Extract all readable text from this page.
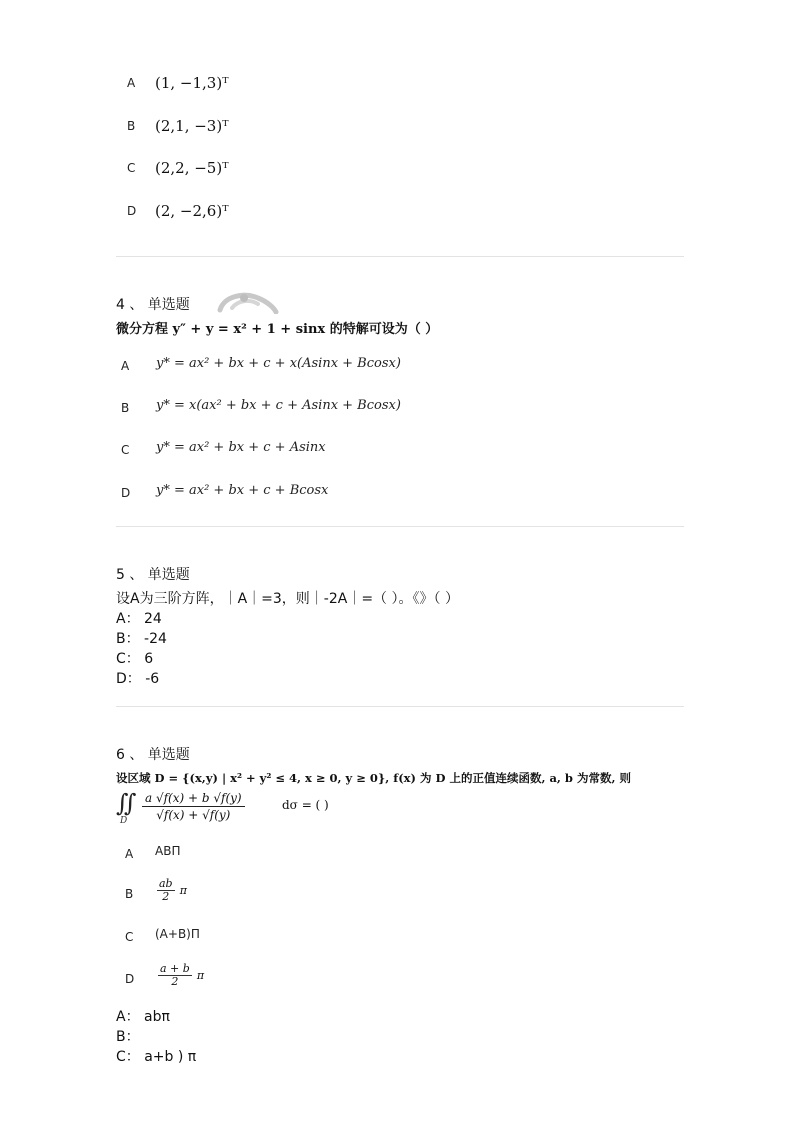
A (1, −1,3)ᵀ
B (2,1, −3)ᵀ
C (2,2, −5)ᵀ
D (2, −2,6)ᵀ
4 、 单选题
微分方程 y″ + y = x² + 1 + sinx 的特解可设为（ ）
A y* = ax² + bx + c + x(Asinx + Bcosx)
B y* = x(ax² + bx + c + Asinx + Bcosx)
C y* = ax² + bx + c + Asinx
D y* = ax² + bx + c + Bcosx
5 、 单选题
设A为三阶方阵，｜A｜=3，则｜-2A｜=（ ）。《》（ ）
A： 24
B： -24
C： 6
D： -6
6 、 单选题
设区域 D = {(x,y) | x² + y² ≤ 4, x ≥ 0, y ≥ 0}, f(x) 为 D 上的正值连续函数, a, b 为常数, 则
∬
D $\frac{a √f(x) + b √f(y)}{√f(x) + √f(y)}$	dσ = ( )
A ABΠ
B $\frac{ab}{2}$ π
C (A+B)Π
D $\frac{a + b}{2}$ π
A： abπ
B：
C： a+b ) π
